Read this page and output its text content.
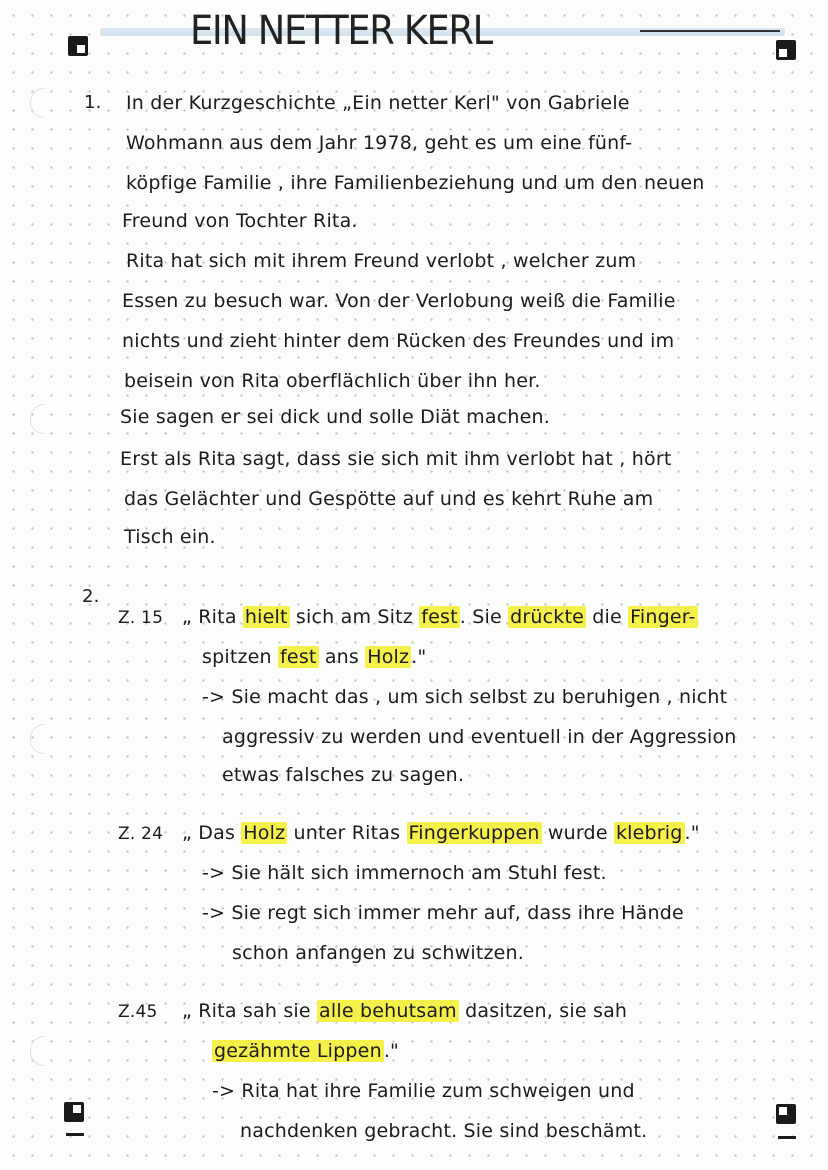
EIN NETTER KERL
1. In der Kurzgeschichte „Ein netter Kerl" von Gabriele
Wohmann aus dem Jahr 1978, geht es um eine fünf-
köpfige Familie , ihre Familienbeziehung und um den neuen
Freund von Tochter Rita.
Rita hat sich mit ihrem Freund verlobt , welcher zum
Essen zu besuch war. Von der Verlobung weiß die Familie
nichts und zieht hinter dem Rücken des Freundes und im
beisein von Rita oberflächlich über ihn her.
Sie sagen er sei dick und solle Diät machen.
Erst als Rita sagt, dass sie sich mit ihm verlobt hat , hört
das Gelächter und Gespötte auf und es kehrt Ruhe am
Tisch ein.
2.
Z. 15 „ Rita hielt sich am Sitz fest . Sie drückte die Finger-
spitzen fest ans Holz ."
-> Sie macht das , um sich selbst zu beruhigen , nicht
aggressiv zu werden und eventuell in der Aggression
etwas falsches zu sagen.
Z. 24 „ Das Holz unter Ritas Fingerkuppen wurde klebrig ."
-> Sie hält sich immernoch am Stuhl fest.
-> Sie regt sich immer mehr auf, dass ihre Hände
schon anfangen zu schwitzen.
Z.45 „ Rita sah sie alle behutsam dasitzen, sie sah
gezähmte Lippen ."
-> Rita hat ihre Familie zum schweigen und
nachdenken gebracht. Sie sind beschämt.
